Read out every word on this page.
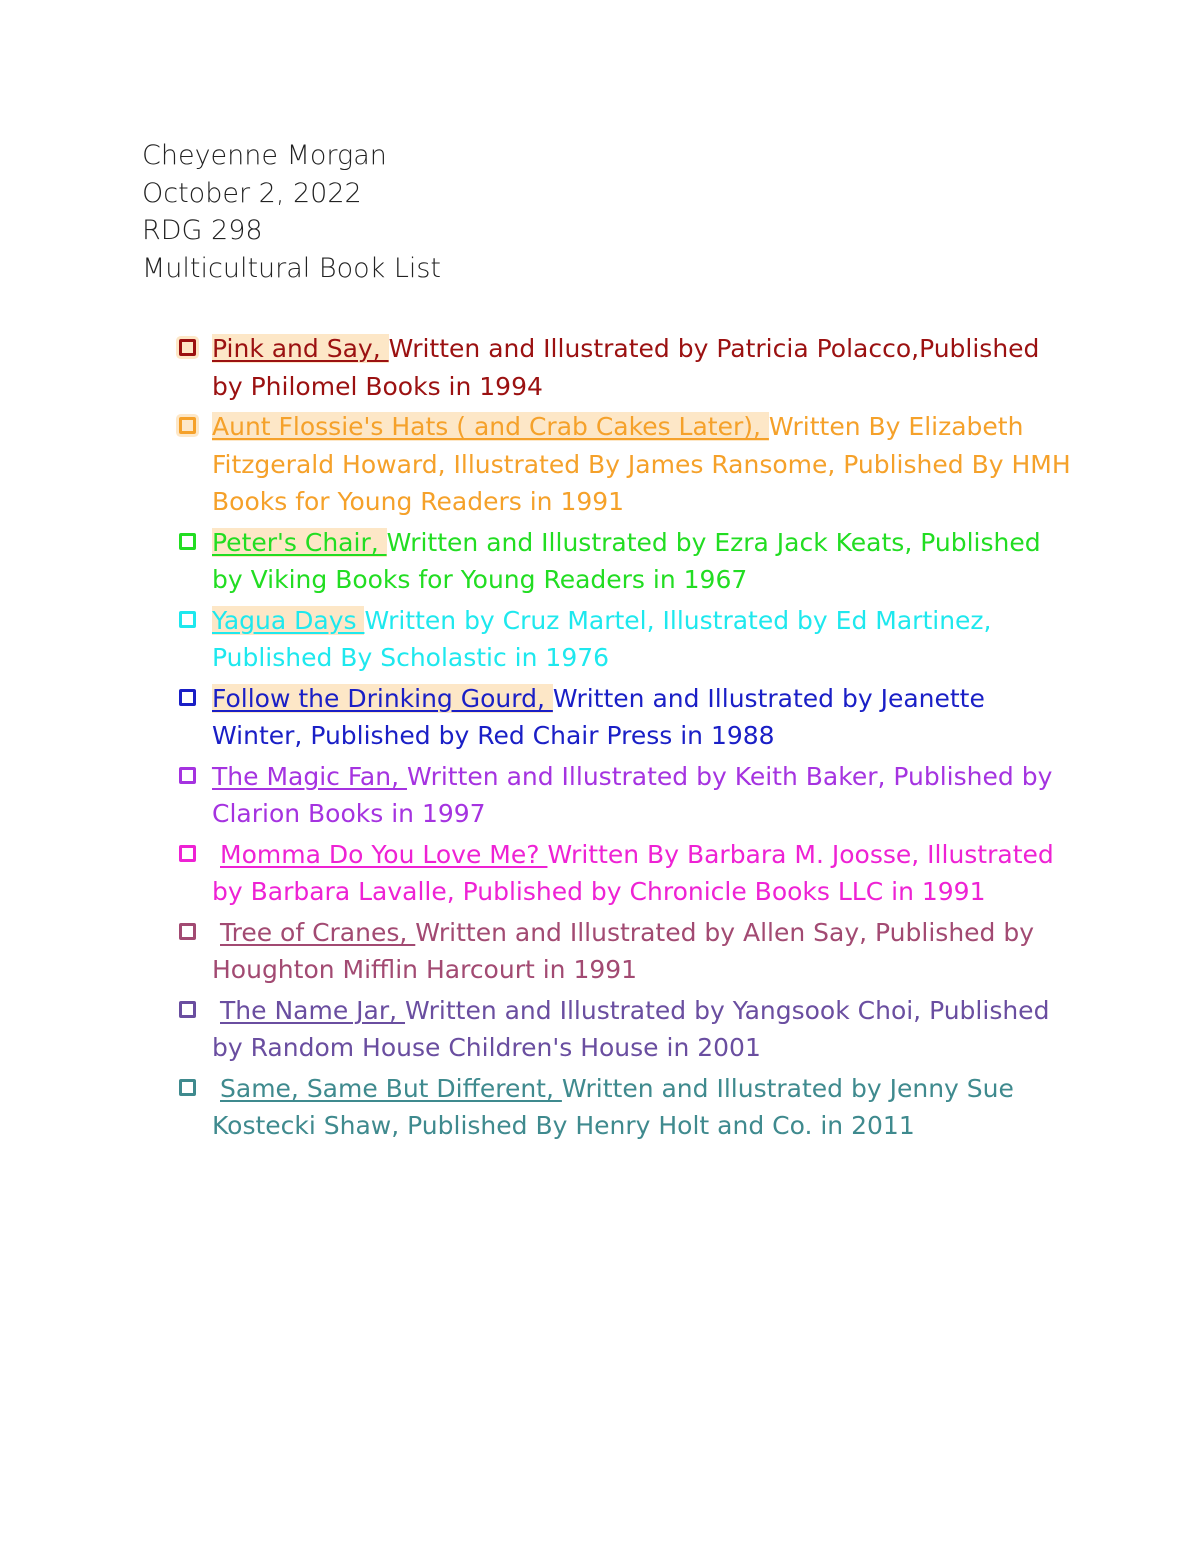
Cheyenne Morgan
October 2, 2022
RDG 298
Multicultural Book List
Pink and Say, Written and Illustrated by Patricia Polacco,Published by Philomel Books in 1994
Aunt Flossie's Hats ( and Crab Cakes Later), Written By Elizabeth Fitzgerald Howard, Illustrated By James Ransome, Published By HMH Books for Young Readers in 1991
Peter's Chair, Written and Illustrated by Ezra Jack Keats, Published by Viking Books for Young Readers in 1967
Yagua Days Written by Cruz Martel, Illustrated by Ed Martinez, Published By Scholastic in 1976
Follow the Drinking Gourd, Written and Illustrated by Jeanette Winter, Published by Red Chair Press in 1988
The Magic Fan, Written and Illustrated by Keith Baker, Published by Clarion Books in 1997
Momma Do You Love Me? Written By Barbara M. Joosse, Illustrated by Barbara Lavalle, Published by Chronicle Books LLC in 1991
Tree of Cranes, Written and Illustrated by Allen Say, Published by Houghton Mifflin Harcourt in 1991
The Name Jar, Written and Illustrated by Yangsook Choi, Published by Random House Children's House in 2001
Same, Same But Different, Written and Illustrated by Jenny Sue Kostecki Shaw, Published By Henry Holt and Co. in 2011
